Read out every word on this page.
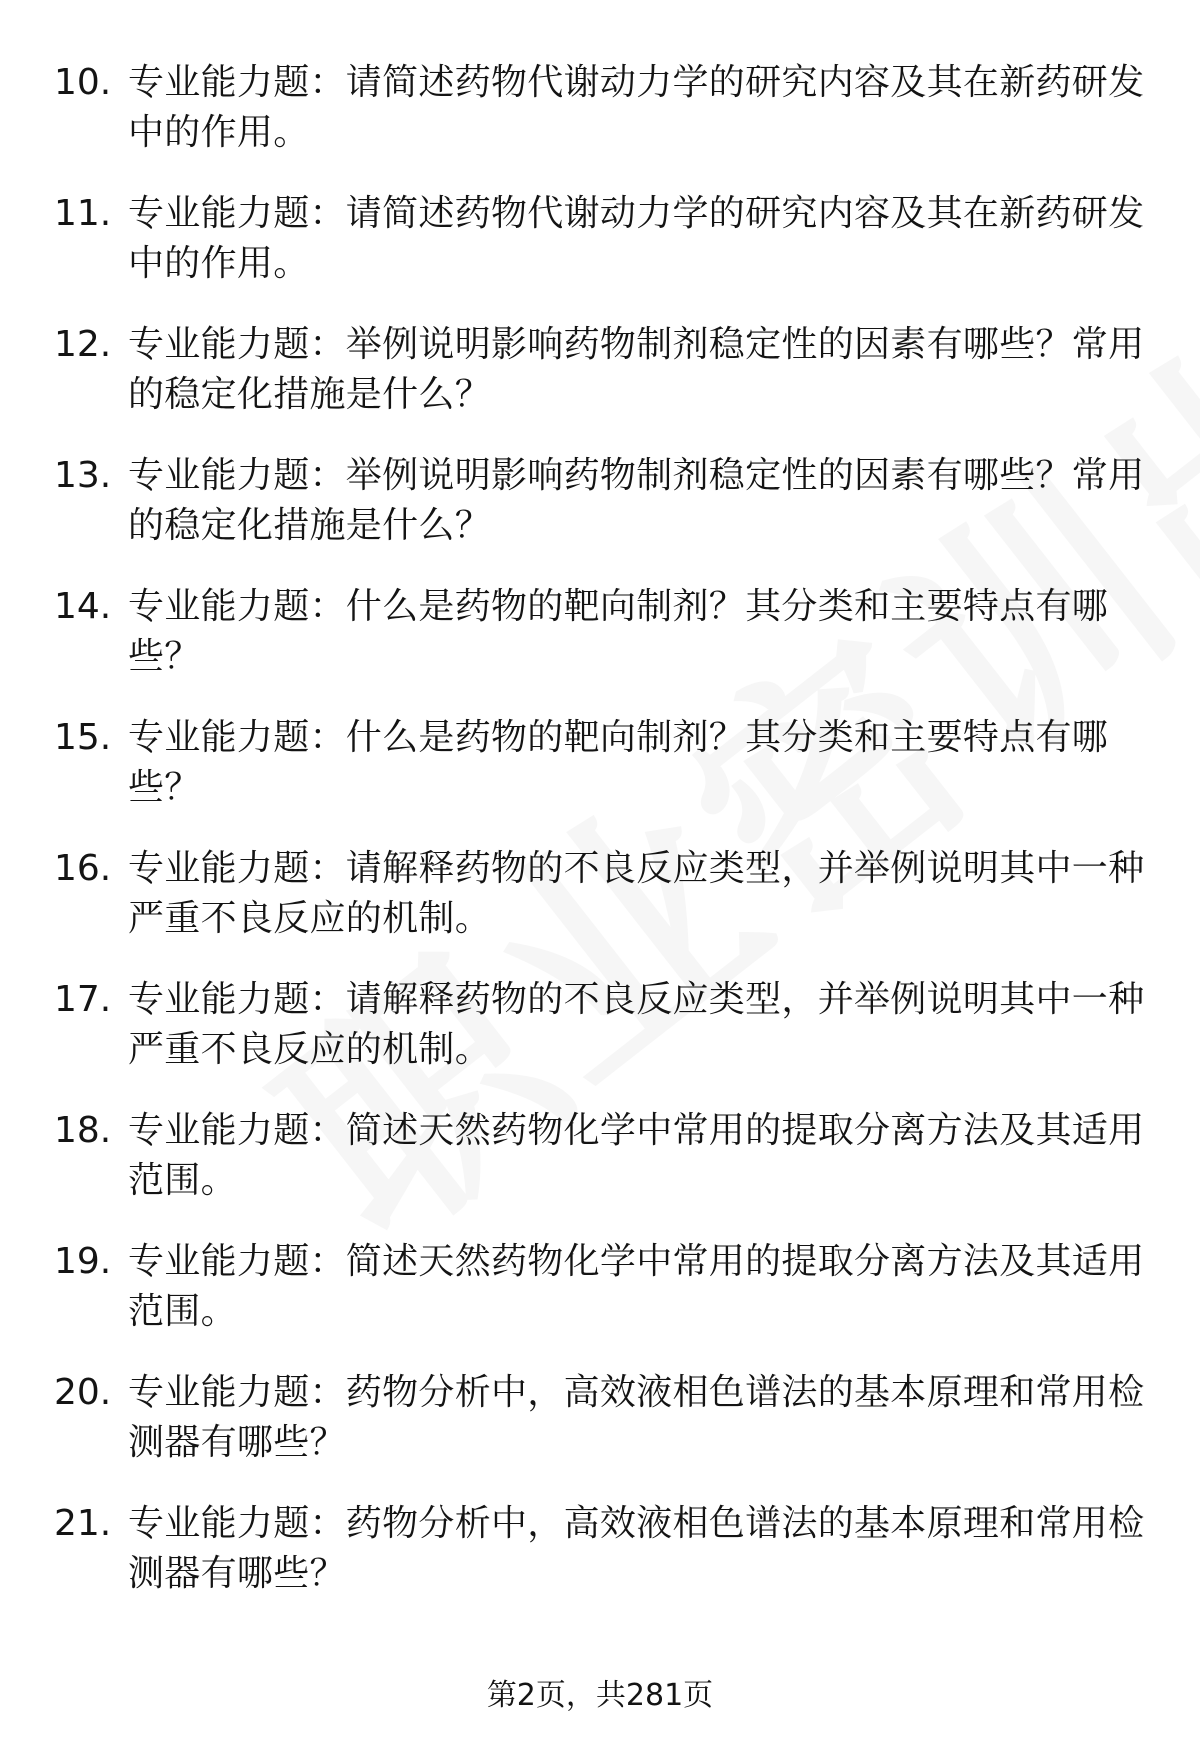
10. 专业能力题：请简述药物代谢动力学的研究内容及其在新药研发中的作用。
11. 专业能力题：请简述药物代谢动力学的研究内容及其在新药研发中的作用。
12. 专业能力题：举例说明影响药物制剂稳定性的因素有哪些？常用的稳定化措施是什么？
13. 专业能力题：举例说明影响药物制剂稳定性的因素有哪些？常用的稳定化措施是什么？
14. 专业能力题：什么是药物的靶向制剂？其分类和主要特点有哪些？
15. 专业能力题：什么是药物的靶向制剂？其分类和主要特点有哪些？
16. 专业能力题：请解释药物的不良反应类型，并举例说明其中一种严重不良反应的机制。
17. 专业能力题：请解释药物的不良反应类型，并举例说明其中一种严重不良反应的机制。
18. 专业能力题：简述天然药物化学中常用的提取分离方法及其适用范围。
19. 专业能力题：简述天然药物化学中常用的提取分离方法及其适用范围。
20. 专业能力题：药物分析中，高效液相色谱法的基本原理和常用检测器有哪些？
21. 专业能力题：药物分析中，高效液相色谱法的基本原理和常用检测器有哪些？
第2页，共281页
